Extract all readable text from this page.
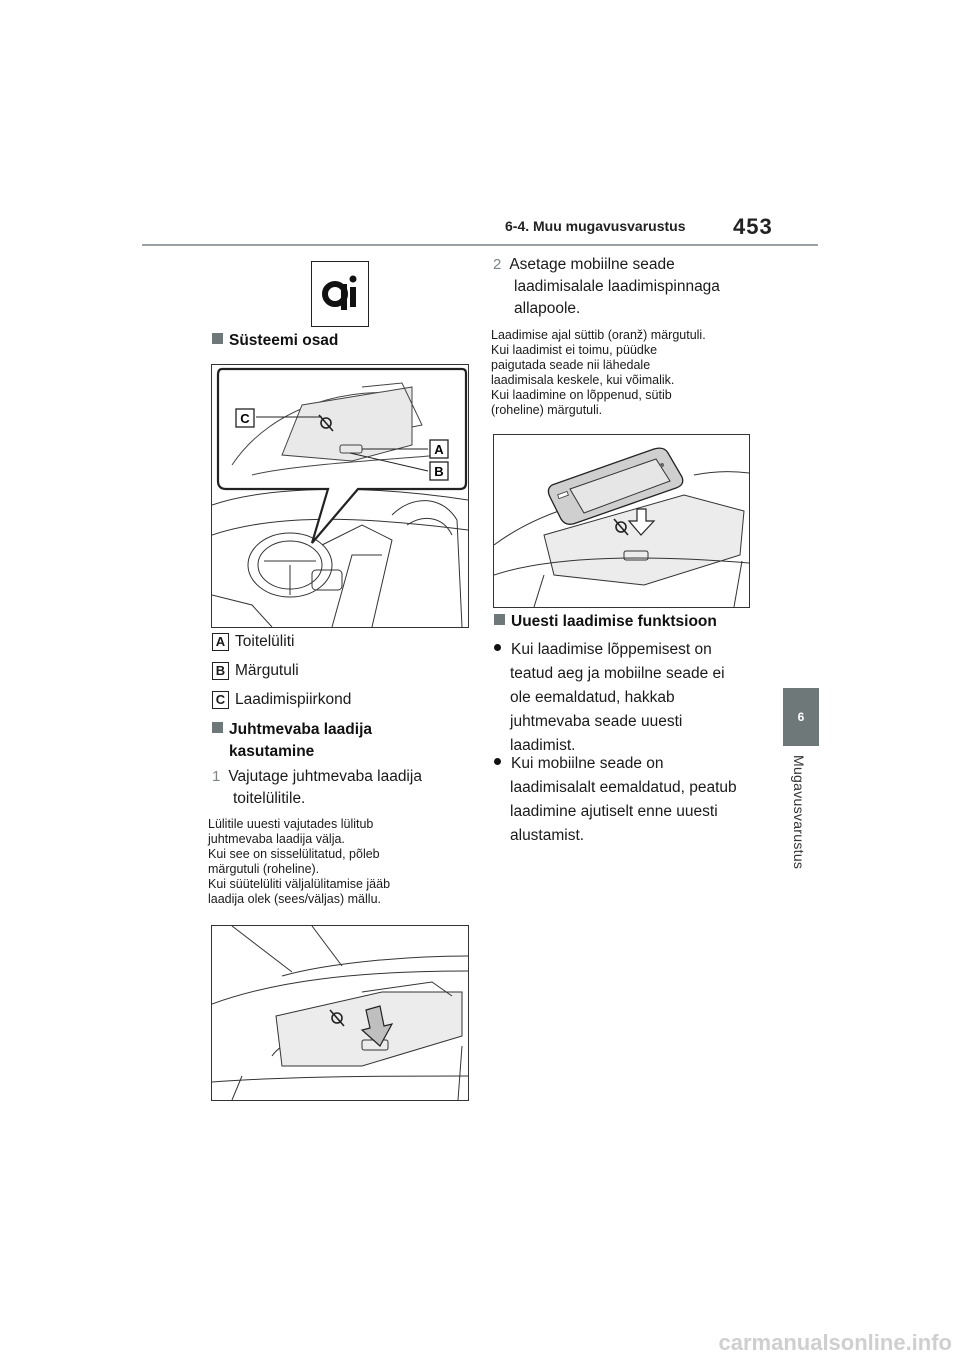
6-4. Muu mugavusvarustus 453
6
Mugavusvarustus
Süsteemi osad
C
A
B
A Toitelüliti
B Märgutuli
C Laadimispiirkond
Juhtmevaba laadija
kasutamine
1 Vajutage juhtmevaba laadija
toitelülitile.
Lülitile uuesti vajutades lülitub
juhtmevaba laadija välja.
Kui see on sisselülitatud, põleb
märgutuli (roheline).
Kui süütelüliti väljalülitamise jääb
laadija olek (sees/väljas) mällu.
2 Asetage mobiilne seade
laadimisalale laadimispinnaga
allapoole.
Laadimise ajal süttib (oranž) märgutuli.
Kui laadimist ei toimu, püüdke
paigutada seade nii lähedale
laadimisala keskele, kui võimalik.
Kui laadimine on lõppenud, sütib
(roheline) märgutuli.
Uuesti laadimise funktsioon
Kui laadimise lõppemisest on
teatud aeg ja mobiilne seade ei
ole eemaldatud, hakkab
juhtmevaba seade uuesti
laadimist.
Kui mobiilne seade on
laadimisalalt eemaldatud, peatub
laadimine ajutiselt enne uuesti
alustamist.
carmanualsonline.info
